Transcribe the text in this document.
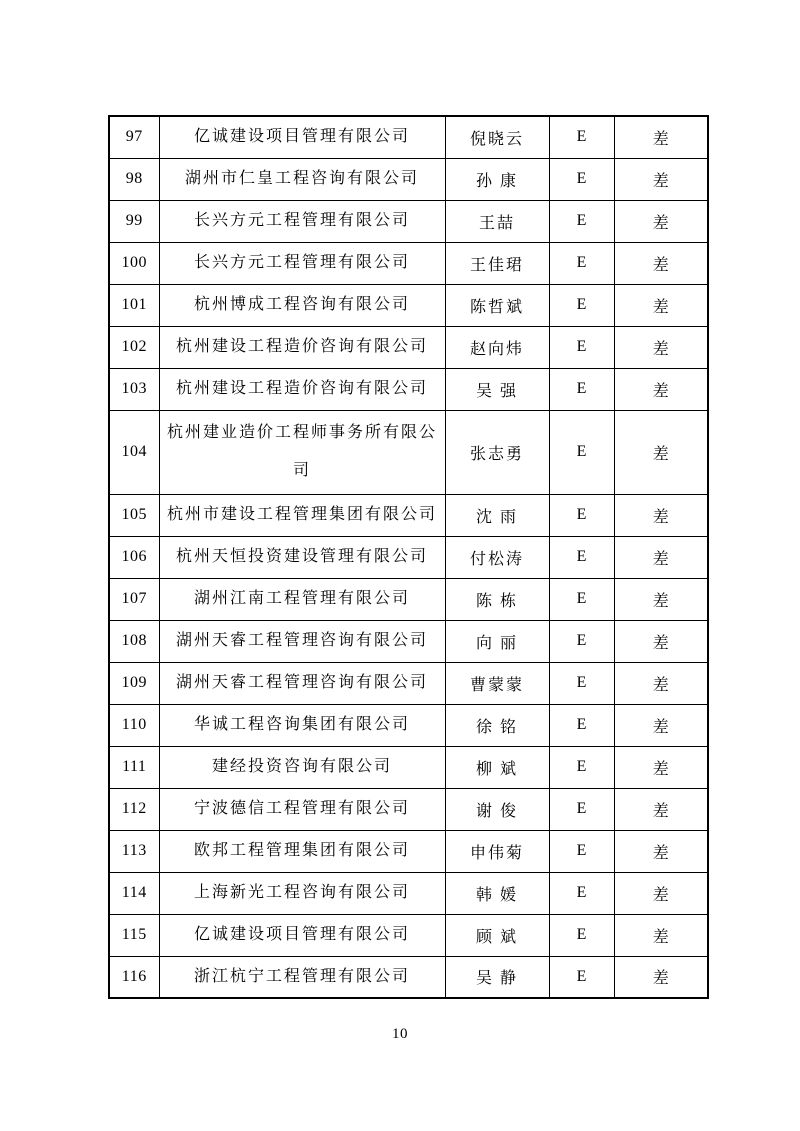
97	亿诚建设项目管理有限公司	倪晓云	E	差
98	湖州市仁皇工程咨询有限公司	孙 康	E	差
99	长兴方元工程管理有限公司	王喆	E	差
100	长兴方元工程管理有限公司	王佳珺	E	差
101	杭州博成工程咨询有限公司	陈哲斌	E	差
102	杭州建设工程造价咨询有限公司	赵向炜	E	差
103	杭州建设工程造价咨询有限公司	吴 强	E	差
104	杭州建业造价工程师事务所有限公司	张志勇	E	差
105	杭州市建设工程管理集团有限公司	沈 雨	E	差
106	杭州天恒投资建设管理有限公司	付松涛	E	差
107	湖州江南工程管理有限公司	陈 栋	E	差
108	湖州天睿工程管理咨询有限公司	向 丽	E	差
109	湖州天睿工程管理咨询有限公司	曹蒙蒙	E	差
110	华诚工程咨询集团有限公司	徐 铭	E	差
111	建经投资咨询有限公司	柳 斌	E	差
112	宁波德信工程管理有限公司	谢 俊	E	差
113	欧邦工程管理集团有限公司	申伟菊	E	差
114	上海新光工程咨询有限公司	韩 媛	E	差
115	亿诚建设项目管理有限公司	顾 斌	E	差
116	浙江杭宁工程管理有限公司	吴 静	E	差
10
